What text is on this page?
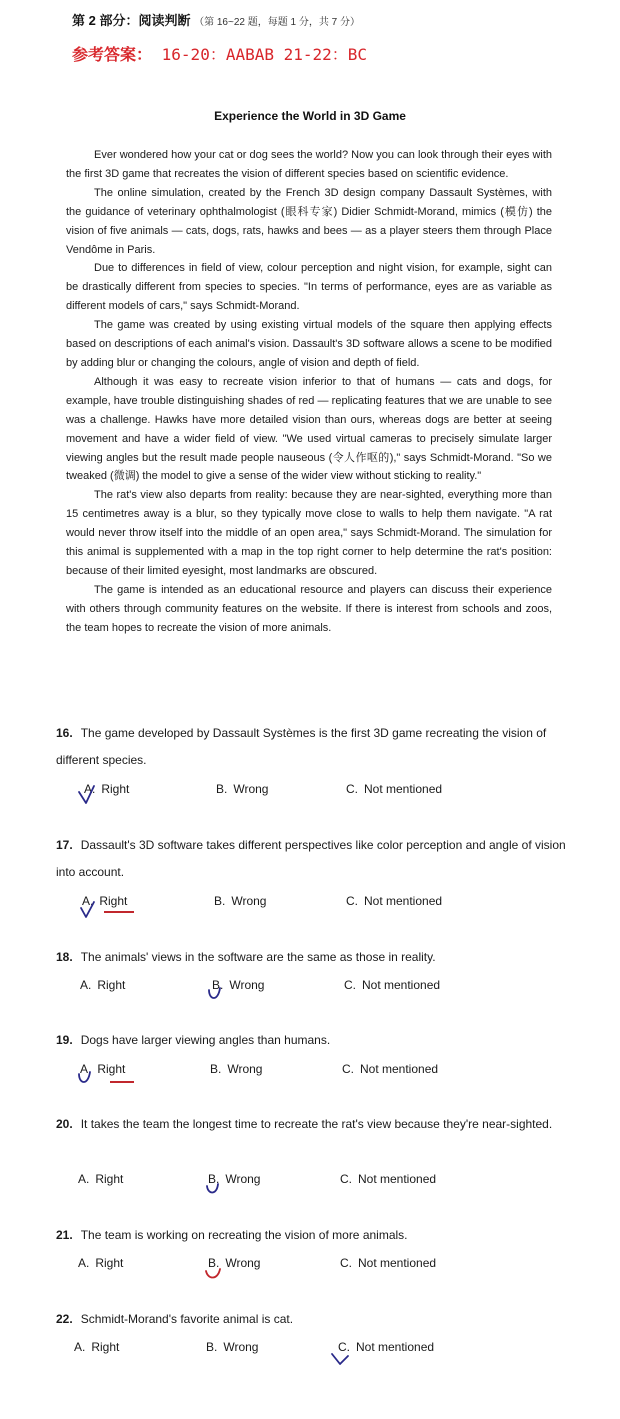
第 2 部分：阅读判断 （第 16~22 题，每题 1 分，共 7 分）
参考答案： 16-20：AABAB 21-22：BC
Experience the World in 3D Game

Ever wondered how your cat or dog sees the world? Now you can look through their eyes with the first 3D game that recreates the vision of different species based on scientific evidence.

The online simulation, created by the French 3D design company Dassault Systèmes, with the guidance of veterinary ophthalmologist (眼科专家) Didier Schmidt-Morand, mimics (模仿) the vision of five animals — cats, dogs, rats, hawks and bees — as a player steers them through Place Vendôme in Paris.

Due to differences in field of view, colour perception and night vision, for example, sight can be drastically different from species to species. "In terms of performance, eyes are as variable as different models of cars," says Schmidt-Morand.

The game was created by using existing virtual models of the square then applying effects based on descriptions of each animal's vision. Dassault's 3D software allows a scene to be modified by adding blur or changing the colours, angle of vision and depth of field.

Although it was easy to recreate vision inferior to that of humans — cats and dogs, for example, have trouble distinguishing shades of red — replicating features that we are unable to see was a challenge. Hawks have more detailed vision than ours, whereas dogs are better at seeing movement and have a wider field of view. "We used virtual cameras to precisely simulate larger viewing angles but the result made people nauseous (令人作呕的)," says Schmidt-Morand. "So we tweaked (微调) the model to give a sense of the wider view without sticking to reality."

The rat's view also departs from reality: because they are near-sighted, everything more than 15 centimetres away is a blur, so they typically move close to walls to help them navigate. "A rat would never throw itself into the middle of an open area," says Schmidt-Morand. The simulation for this animal is supplemented with a map in the top right corner to help determine the rat's position: because of their limited eyesight, most landmarks are obscured.

The game is intended as an educational resource and players can discuss their experience with others through community features on the website. If there is interest from schools and zoos, the team hopes to recreate the vision of more animals.

16. The game developed by Dassault Systèmes is the first 3D game recreating the vision of different species.
A. Right	B. Wrong	C. Not mentioned
17. Dassault's 3D software takes different perspectives like color perception and angle of vision into account.
A. Right	B. Wrong	C. Not mentioned
18. The animals' views in the software are the same as those in reality.
A. Right	B. Wrong	C. Not mentioned
19. Dogs have larger viewing angles than humans.
A. Right	B. Wrong	C. Not mentioned
20. It takes the team the longest time to recreate the rat's view because they're near-sighted.
A. Right	B. Wrong	C. Not mentioned
21. The team is working on recreating the vision of more animals.
A. Right	B. Wrong	C. Not mentioned
22. Schmidt-Morand's favorite animal is cat.
A. Right	B. Wrong	C. Not mentioned
